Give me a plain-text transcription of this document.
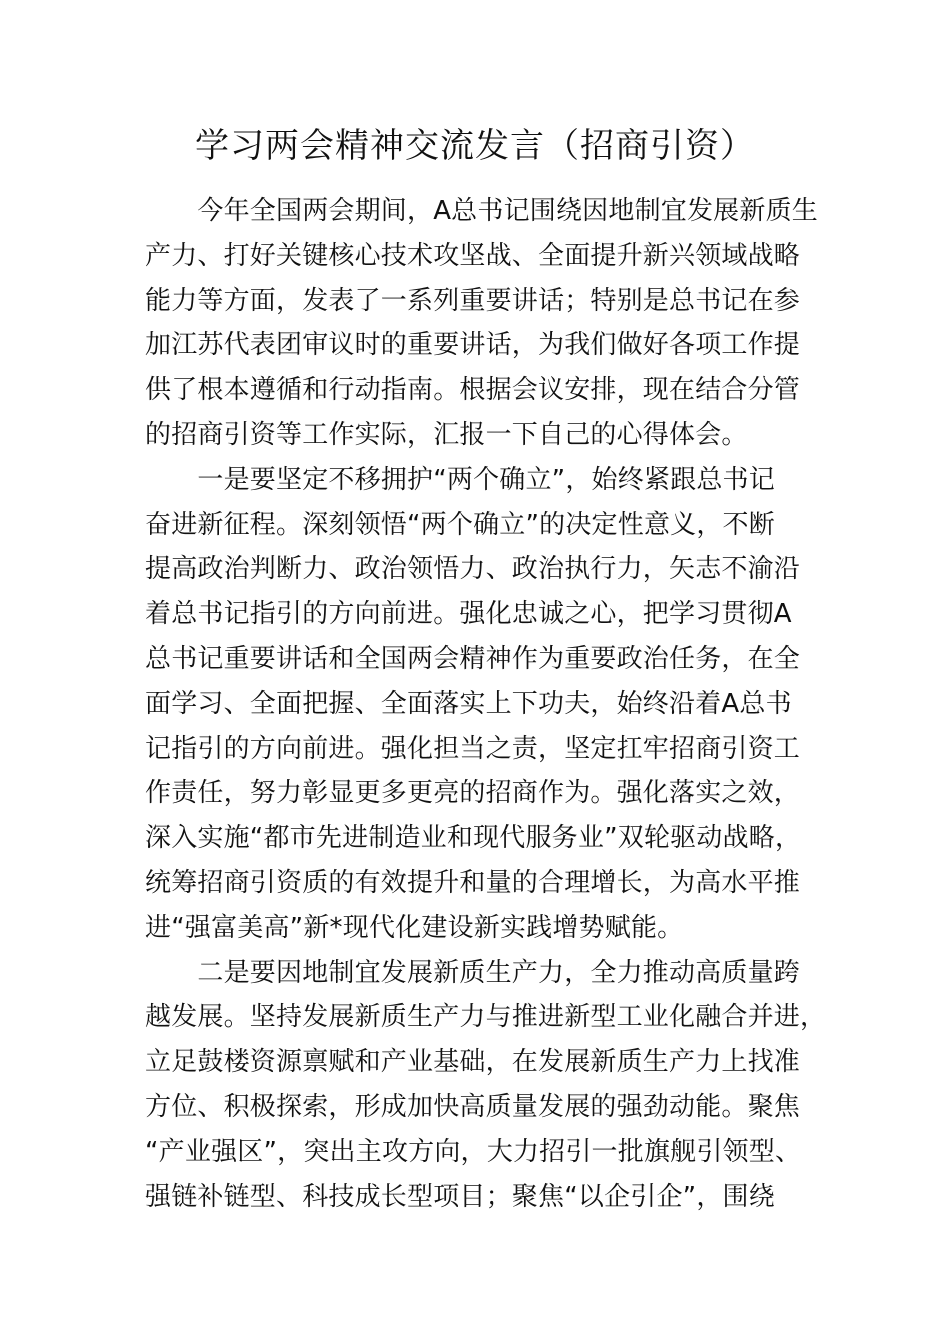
学习两会精神交流发言（招商引资）
　　今年全国两会期间，A总书记围绕因地制宜发展新质生
产力、打好关键核心技术攻坚战、全面提升新兴领域战略
能力等方面，发表了一系列重要讲话；特别是总书记在参
加江苏代表团审议时的重要讲话，为我们做好各项工作提
供了根本遵循和行动指南。根据会议安排，现在结合分管
的招商引资等工作实际，汇报一下自己的心得体会。
　　一是要坚定不移拥护“两个确立”，始终紧跟总书记
奋进新征程。深刻领悟“两个确立”的决定性意义，不断
提高政治判断力、政治领悟力、政治执行力，矢志不渝沿
着总书记指引的方向前进。强化忠诚之心，把学习贯彻A
总书记重要讲话和全国两会精神作为重要政治任务，在全
面学习、全面把握、全面落实上下功夫，始终沿着A总书
记指引的方向前进。强化担当之责，坚定扛牢招商引资工
作责任，努力彰显更多更亮的招商作为。强化落实之效，
深入实施“都市先进制造业和现代服务业”双轮驱动战略，
统筹招商引资质的有效提升和量的合理增长，为高水平推
进“强富美高”新*现代化建设新实践增势赋能。
　　二是要因地制宜发展新质生产力，全力推动高质量跨
越发展。坚持发展新质生产力与推进新型工业化融合并进，
立足鼓楼资源禀赋和产业基础，在发展新质生产力上找准
方位、积极探索，形成加快高质量发展的强劲动能。聚焦
“产业强区”，突出主攻方向，大力招引一批旗舰引领型、
强链补链型、科技成长型项目；聚焦“以企引企”，围绕
